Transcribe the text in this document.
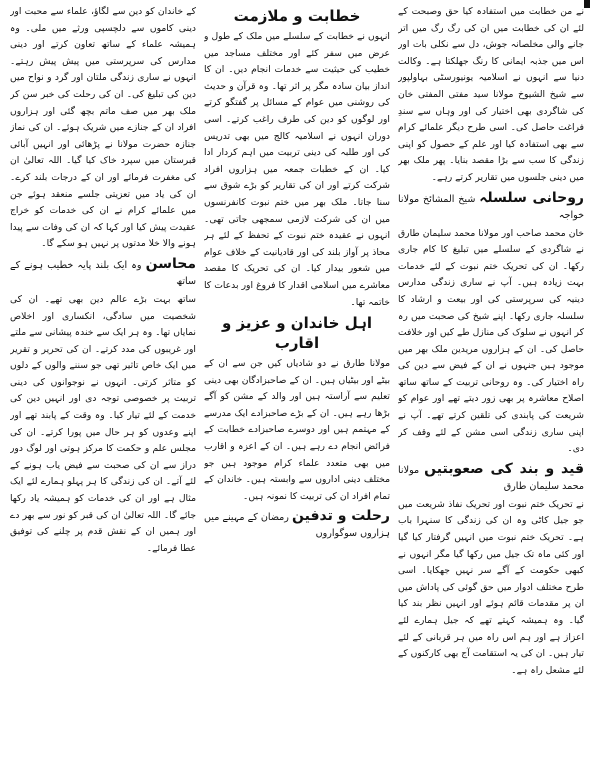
نے من خطابت میں استفادہ کیا حق وصبحت کے لئے ان کی خطابت میں ان کی رگ رگ میں اتر جانے والی مخلصانہ جوش، دل سے نکلی بات اور اس میں جذبہ ایمانی کا رنگ جھلکتا ہے۔ وکالت دنیا سے انہوں نے اسلامیہ یونیورسٹی بہاولپور سے شیخ الشیوخ مولانا سید مفتی المفتی خان کی شاگردی بھی اختیار کی اور وہاں سے سندِ فراغت حاصل کی۔ اسی طرح دیگر علمائے کرام سے بھی استفادہ کیا اور علم کے حصول کو اپنی زندگی کا سب سے بڑا مقصد بنایا۔ پھر ملک بھر میں دینی جلسوں میں تقاریر کرتے رہے۔

روحانی سلسلہ شیخ المشائخ مولانا خواجہ

خان محمد صاحب اور مولانا محمد سلیمان طارق نے شاگردی کے سلسلے میں تبلیغ کا کام جاری رکھا۔ ان کی تحریک ختم نبوت کے لئے خدمات بہت زیادہ ہیں۔ آپ نے ساری زندگی مدارس دینیہ کی سرپرستی کی اور بیعت و ارشاد کا سلسلہ جاری رکھا۔ اپنے شیخ کی صحبت میں رہ کر انہوں نے سلوک کی منازل طے کیں اور خلافت حاصل کی۔ ان کے ہزاروں مریدین ملک بھر میں موجود ہیں جنہوں نے ان کے فیض سے دین کی راہ اختیار کی۔ وہ روحانی تربیت کے ساتھ ساتھ اصلاح معاشرہ پر بھی زور دیتے تھے اور عوام کو شریعت کی پابندی کی تلقین کرتے تھے۔ آپ نے اپنی ساری زندگی اسی مشن کے لئے وقف کر دی۔

قید و بند کی صعوبتیں مولانا محمد سلیمان طارق

نے تحریک ختم نبوت اور تحریک نفاذ شریعت میں جو جیل کاٹی وہ ان کی زندگی کا سنہرا باب ہے۔ تحریک ختم نبوت میں انہیں گرفتار کیا گیا اور کئی ماہ تک جیل میں رکھا گیا مگر انہوں نے کبھی حکومت کے آگے سر نہیں جھکایا۔ اسی طرح مختلف ادوار میں حق گوئی کی پاداش میں ان پر مقدمات قائم ہوئے اور انہیں نظر بند کیا گیا۔ وہ ہمیشہ کہتے تھے کہ جیل ہمارے لئے اعزاز ہے اور ہم اس راہ میں ہر قربانی کے لئے تیار ہیں۔ ان کی یہ استقامت آج بھی کارکنوں کے لئے مشعل راہ ہے۔

خطابت و ملازمت

انہوں نے خطابت کے سلسلے میں ملک کے طول و عرض میں سفر کئے اور مختلف مساجد میں خطیب کی حیثیت سے خدمات انجام دیں۔ ان کا انداز بیان سادہ مگر پر اثر تھا۔ وہ قرآن و حدیث کی روشنی میں عوام کے مسائل پر گفتگو کرتے اور لوگوں کو دین کی طرف راغب کرتے۔ اسی دوران انہوں نے اسلامیہ کالج میں بھی تدریس کی اور طلبہ کی دینی تربیت میں اہم کردار ادا کیا۔ ان کے خطبات جمعہ میں ہزاروں افراد شرکت کرتے اور ان کی تقاریر کو بڑے شوق سے سنا جاتا۔ ملک بھر میں ختم نبوت کانفرنسوں میں ان کی شرکت لازمی سمجھی جاتی تھی۔ انہوں نے عقیدہ ختم نبوت کے تحفظ کے لئے ہر محاذ پر آواز بلند کی اور قادیانیت کے خلاف عوام میں شعور بیدار کیا۔ ان کی تحریک کا مقصد معاشرے میں اسلامی اقدار کا فروغ اور بدعات کا خاتمہ تھا۔

اہل خاندان و عزیز و اقارب

مولانا طارق نے دو شادیاں کیں جن سے ان کے بیٹے اور بیٹیاں ہیں۔ ان کے صاحبزادگان بھی دینی تعلیم سے آراستہ ہیں اور والد کے مشن کو آگے بڑھا رہے ہیں۔ ان کے بڑے صاحبزادے ایک مدرسے کے مہتمم ہیں اور دوسرے صاحبزادے خطابت کے فرائض انجام دے رہے ہیں۔ ان کے اعزہ و اقارب میں بھی متعدد علماء کرام موجود ہیں جو مختلف دینی اداروں سے وابستہ ہیں۔ خاندان کے تمام افراد ان کی تربیت کا نمونہ ہیں۔

رحلت و تدفین رمضان کے مہینے میں ہزاروں سوگواروں

کے خاندان کو دین سے لگاؤ، علماء سے محبت اور دینی کاموں سے دلچسپی ورثے میں ملی۔ وہ ہمیشہ علماء کے ساتھ تعاون کرتے اور دینی مدارس کی سرپرستی میں پیش پیش رہتے۔ انہوں نے ساری زندگی ملتان اور گرد و نواح میں دین کی تبلیغ کی۔ ان کی رحلت کی خبر سن کر ملک بھر میں صف ماتم بچھ گئی اور ہزاروں افراد ان کے جنازے میں شریک ہوئے۔ ان کی نماز جنازہ حضرت مولانا نے پڑھائی اور انہیں آبائی قبرستان میں سپرد خاک کیا گیا۔ اللہ تعالیٰ ان کی مغفرت فرمائے اور ان کے درجات بلند کرے۔ ان کی یاد میں تعزیتی جلسے منعقد ہوئے جن میں علمائے کرام نے ان کی خدمات کو خراج عقیدت پیش کیا اور کہا کہ ان کی وفات سے پیدا ہونے والا خلا مدتوں پر نہیں ہو سکے گا۔

محاسن وہ ایک بلند پایہ خطیب ہونے کے ساتھ

ساتھ بہت بڑے عالم دین بھی تھے۔ ان کی شخصیت میں سادگی، انکساری اور اخلاص نمایاں تھا۔ وہ ہر ایک سے خندہ پیشانی سے ملتے اور غریبوں کی مدد کرتے۔ ان کی تحریر و تقریر میں ایک خاص تاثیر تھی جو سننے والوں کے دلوں کو متاثر کرتی۔ انہوں نے نوجوانوں کی دینی تربیت پر خصوصی توجہ دی اور انہیں دین کی خدمت کے لئے تیار کیا۔ وہ وقت کے پابند تھے اور اپنے وعدوں کو ہر حال میں پورا کرتے۔ ان کی مجلس علم و حکمت کا مرکز ہوتی اور لوگ دور دراز سے ان کی صحبت سے فیض یاب ہونے کے لئے آتے۔ ان کی زندگی کا ہر پہلو ہمارے لئے ایک مثال ہے اور ان کی خدمات کو ہمیشہ یاد رکھا جائے گا۔ اللہ تعالیٰ ان کی قبر کو نور سے بھر دے اور ہمیں ان کے نقش قدم پر چلنے کی توفیق عطا فرمائے۔
